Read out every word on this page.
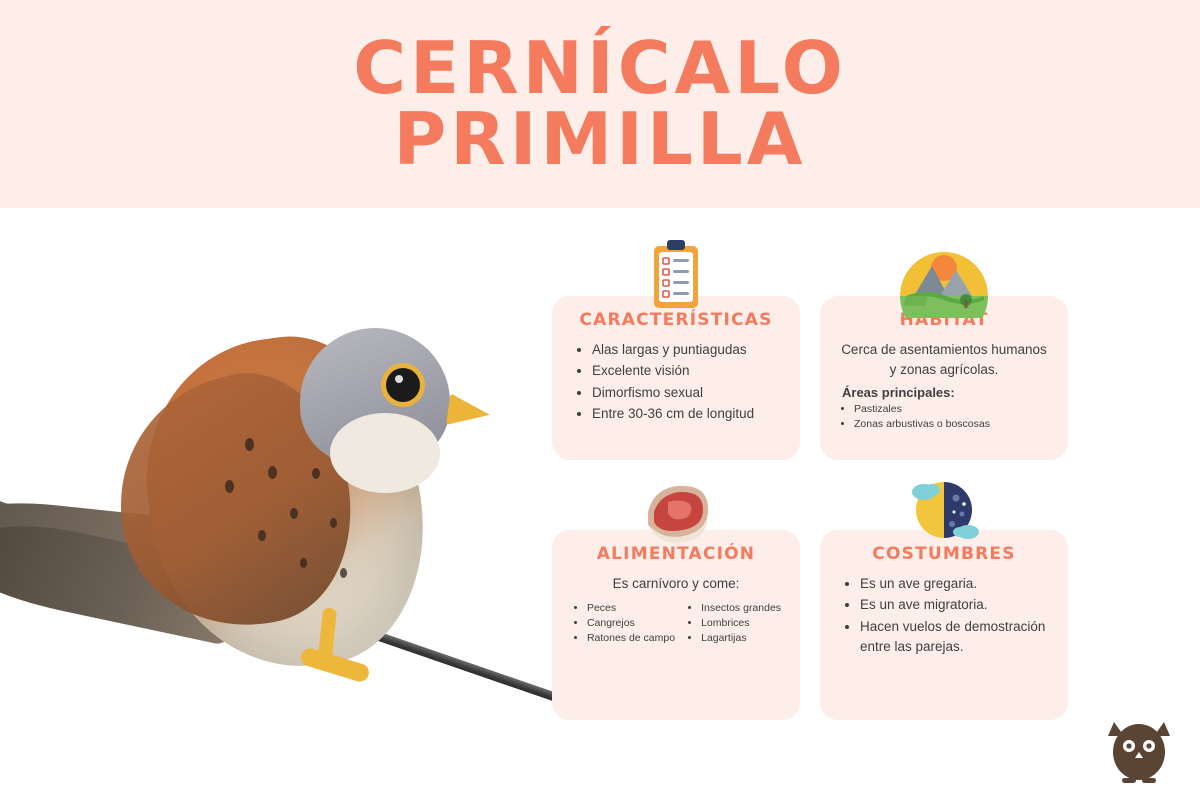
CERNÍCALO
PRIMILLA
CARACTERÍSTICAS
• Alas largas y puntiagudas
• Excelente visión
• Dimorfismo sexual
• Entre 30-36 cm de longitud
HÁBITAT
Cerca de asentamientos humanos y zonas agrícolas.
Áreas principales:
• Pastizales
• Zonas arbustivas o boscosas
ALIMENTACIÓN
Es carnívoro y come:
• Peces
• Cangrejos
• Ratones de campo
• Insectos grandes
• Lombrices
• Lagartijas
COSTUMBRES
• Es un ave gregaria.
• Es un ave migratoria.
• Hacen vuelos de demostración entre las parejas.
